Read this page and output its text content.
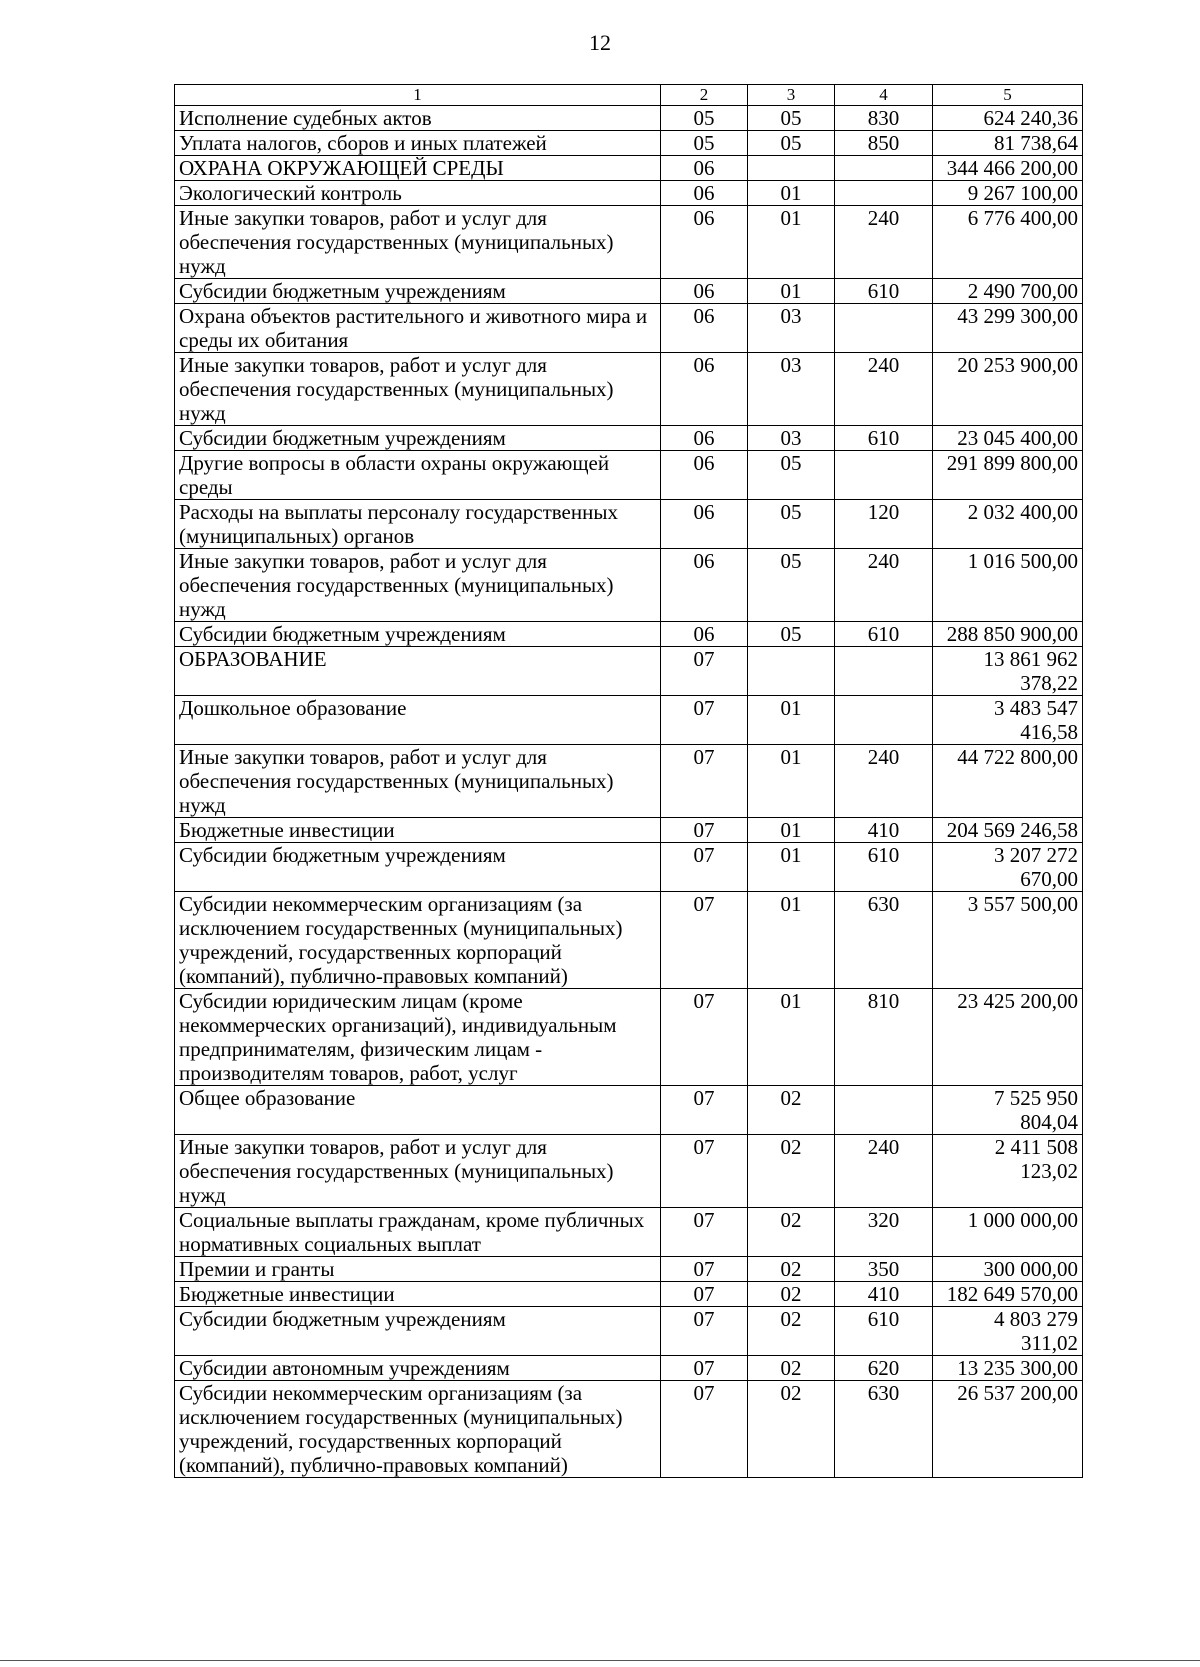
12
1	2	3	4	5
Исполнение судебных актов	05	05	830	624 240,36
Уплата налогов, сборов и иных платежей	05	05	850	81 738,64
ОХРАНА ОКРУЖАЮЩЕЙ СРЕДЫ	06			344 466 200,00
Экологический контроль	06	01		9 267 100,00
Иные закупки товаров, работ и услуг для обеспечения государственных (муниципальных) нужд	06	01	240	6 776 400,00
Субсидии бюджетным учреждениям	06	01	610	2 490 700,00
Охрана объектов растительного и животного мира и среды их обитания	06	03		43 299 300,00
Иные закупки товаров, работ и услуг для обеспечения государственных (муниципальных) нужд	06	03	240	20 253 900,00
Субсидии бюджетным учреждениям	06	03	610	23 045 400,00
Другие вопросы в области охраны окружающей среды	06	05		291 899 800,00
Расходы на выплаты персоналу государственных (муниципальных) органов	06	05	120	2 032 400,00
Иные закупки товаров, работ и услуг для обеспечения государственных (муниципальных) нужд	06	05	240	1 016 500,00
Субсидии бюджетным учреждениям	06	05	610	288 850 900,00
ОБРАЗОВАНИЕ	07			13 861 962 378,22
Дошкольное образование	07	01		3 483 547 416,58
Иные закупки товаров, работ и услуг для обеспечения государственных (муниципальных) нужд	07	01	240	44 722 800,00
Бюджетные инвестиции	07	01	410	204 569 246,58
Субсидии бюджетным учреждениям	07	01	610	3 207 272 670,00
Субсидии некоммерческим организациям (за исключением государственных (муниципальных) учреждений, государственных корпораций (компаний), публично-правовых компаний)	07	01	630	3 557 500,00
Субсидии юридическим лицам (кроме некоммерческих организаций), индивидуальным предпринимателям, физическим лицам - производителям товаров, работ, услуг	07	01	810	23 425 200,00
Общее образование	07	02		7 525 950 804,04
Иные закупки товаров, работ и услуг для обеспечения государственных (муниципальных) нужд	07	02	240	2 411 508 123,02
Социальные выплаты гражданам, кроме публичных нормативных социальных выплат	07	02	320	1 000 000,00
Премии и гранты	07	02	350	300 000,00
Бюджетные инвестиции	07	02	410	182 649 570,00
Субсидии бюджетным учреждениям	07	02	610	4 803 279 311,02
Субсидии автономным учреждениям	07	02	620	13 235 300,00
Субсидии некоммерческим организациям (за исключением государственных (муниципальных) учреждений, государственных корпораций (компаний), публично-правовых компаний)	07	02	630	26 537 200,00
